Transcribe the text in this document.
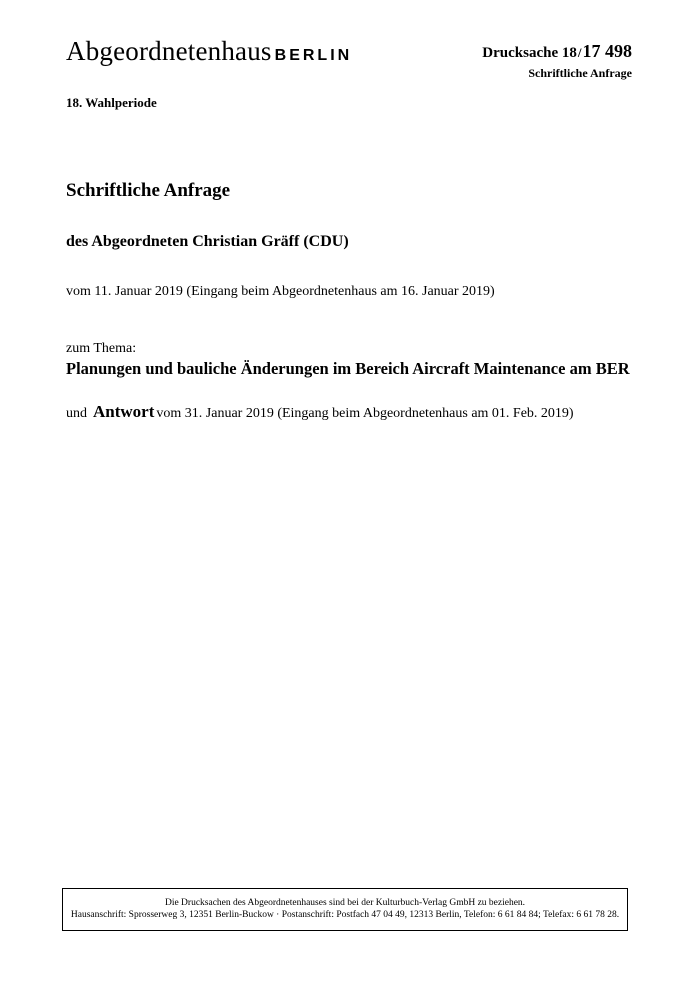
Abgeordnetenhaus BERLIN	Drucksache 18/17 498
Schriftliche Anfrage
18. Wahlperiode
Schriftliche Anfrage
des Abgeordneten Christian Gräff (CDU)
vom 11. Januar 2019 (Eingang beim Abgeordnetenhaus am 16. Januar 2019)
zum Thema:
Planungen und bauliche Änderungen im Bereich Aircraft Maintenance am BER
und Antwort vom 31. Januar 2019 (Eingang beim Abgeordnetenhaus am 01. Feb. 2019)
Die Drucksachen des Abgeordnetenhauses sind bei der Kulturbuch-Verlag GmbH zu beziehen.
Hausanschrift: Sprosserweg 3, 12351 Berlin-Buckow · Postanschrift: Postfach 47 04 49, 12313 Berlin, Telefon: 6 61 84 84; Telefax: 6 61 78 28.
